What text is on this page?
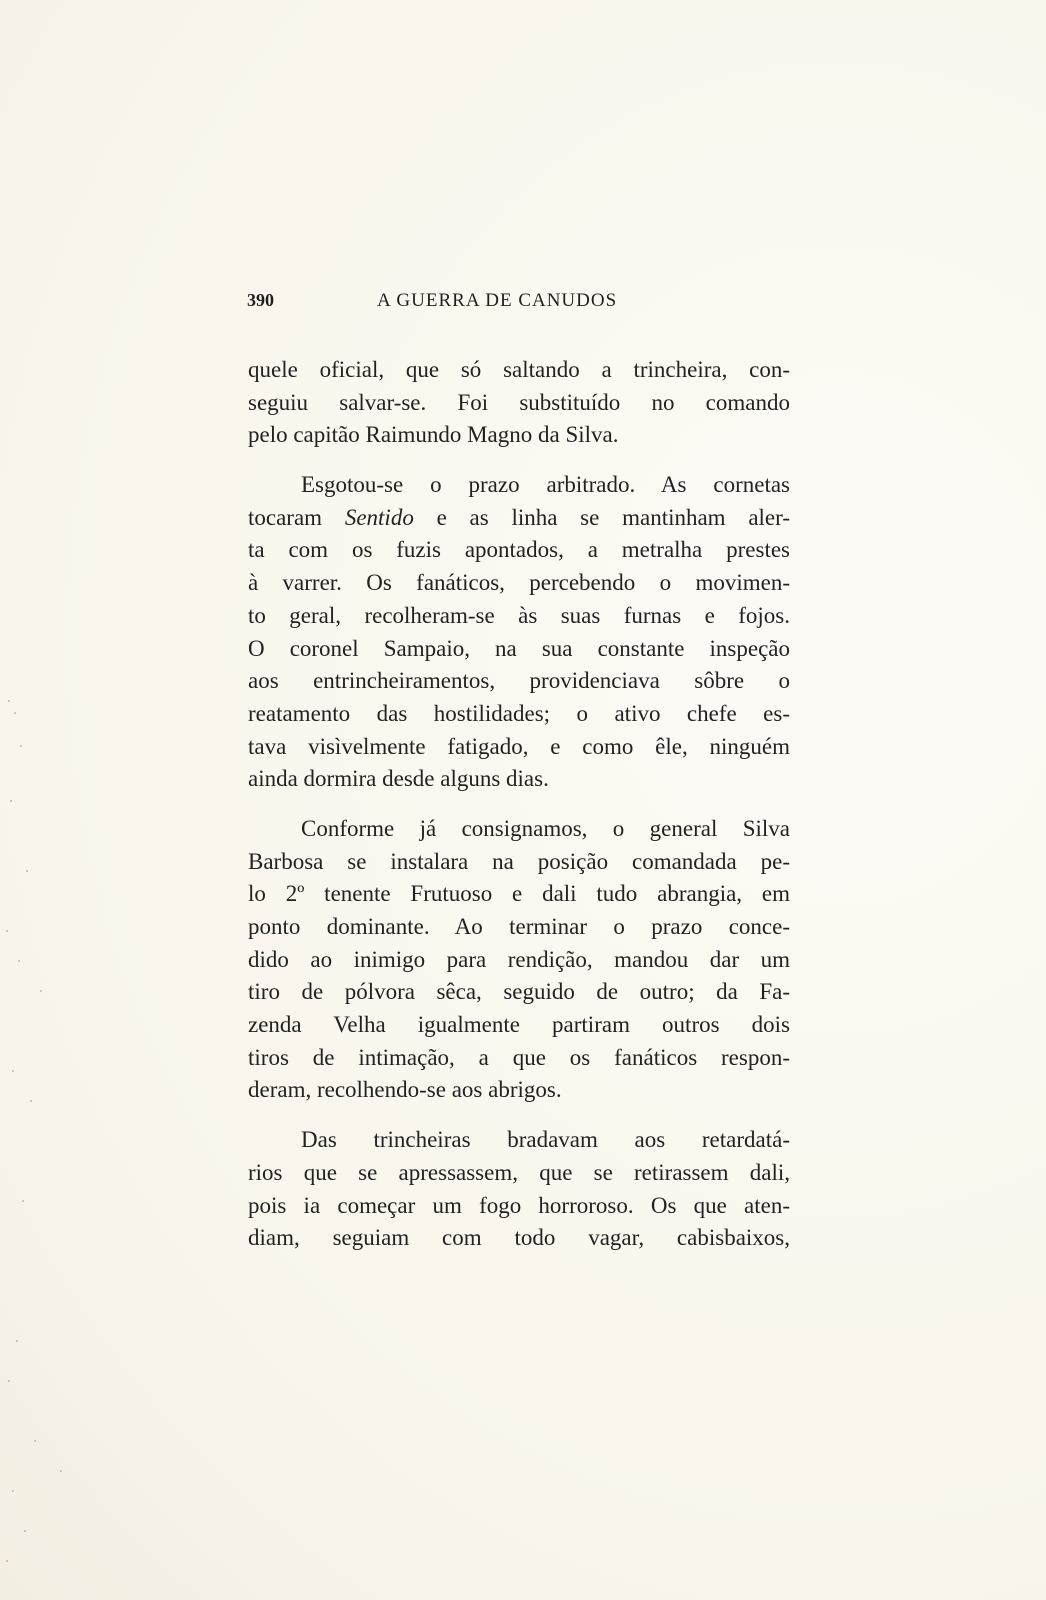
390	A GUERRA DE CANUDOS

quele oficial, que só saltando a trincheira, con-
seguiu salvar-se. Foi substituído no comando
pelo capitão Raimundo Magno da Silva.

Esgotou-se o prazo arbitrado. As cornetas
tocaram Sentido e as linha se mantinham aler-
ta com os fuzis apontados, a metralha prestes
à varrer. Os fanáticos, percebendo o movimen-
to geral, recolheram-se às suas furnas e fojos.
O coronel Sampaio, na sua constante inspeção
aos entrincheiramentos, providenciava sôbre o
reatamento das hostilidades; o ativo chefe es-
tava visìvelmente fatigado, e como êle, ninguém
ainda dormira desde alguns dias.

Conforme já consignamos, o general Silva
Barbosa se instalara na posição comandada pe-
lo 2º tenente Frutuoso e dali tudo abrangia, em
ponto dominante. Ao terminar o prazo conce-
dido ao inimigo para rendição, mandou dar um
tiro de pólvora sêca, seguido de outro; da Fa-
zenda Velha igualmente partiram outros dois
tiros de intimação, a que os fanáticos respon-
deram, recolhendo-se aos abrigos.

Das trincheiras bradavam aos retardatá-
rios que se apressassem, que se retirassem dali,
pois ia começar um fogo horroroso. Os que aten-
diam, seguiam com todo vagar, cabisbaixos,
